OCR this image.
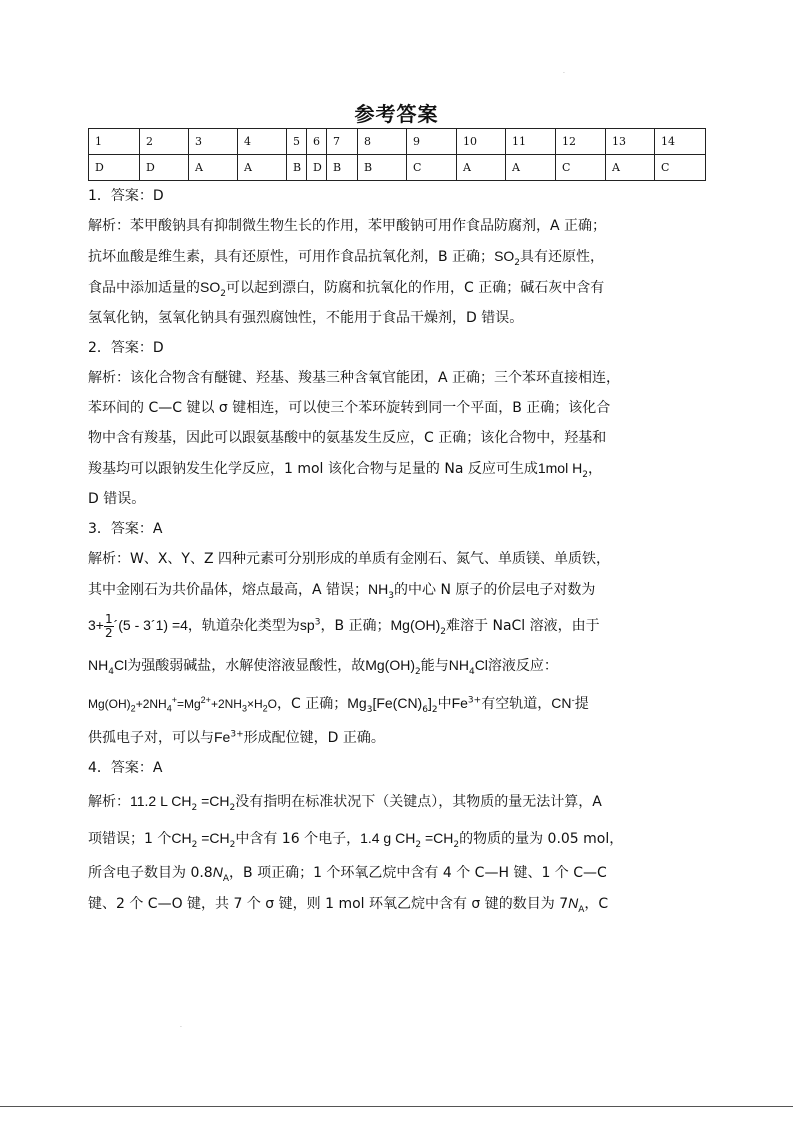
.
参考答案
1	2	3	4	5	6	7	8	9	10	11	12	13	14
D	D	A	A	B	D	B	B	C	A	A	C	A	C

1．答案：D

解析：苯甲酸钠具有抑制微生物生长的作用，苯甲酸钠可用作食品防腐剂，A 正确；

抗坏血酸是维生素，具有还原性，可用作食品抗氧化剂，B 正确；$SO_2$具有还原性，

食品中添加适量的$SO_2$可以起到漂白，防腐和抗氧化的作用，C 正确；碱石灰中含有

氢氧化钠，氢氧化钠具有强烈腐蚀性，不能用于食品干燥剂，D 错误。

2．答案：D

解析：该化合物含有醚键、羟基、羧基三种含氧官能团，A 正确；三个苯环直接相连，

苯环间的 C—C 键以 σ 键相连，可以使三个苯环旋转到同一个平面，B 正确；该化合

物中含有羧基，因此可以跟氨基酸中的氨基发生反应，C 正确；该化合物中，羟基和

羧基均可以跟钠发生化学反应，1 mol 该化合物与足量的 Na 反应可生成1mol $H_2$，

D 错误。

3．答案：A

解析：W、X、Y、Z 四种元素可分别形成的单质有金刚石、氮气、单质镁、单质铁，

其中金刚石为共价晶体，熔点最高，A 错误；$NH_3$的中心 N 原子的价层电子对数为

$3+ \frac{1}{2}$ ´(5 - 3´1) =4，轨道杂化类型为$sp^3$，B 正确；$Mg(OH)_2$难溶于 NaCl 溶液，由于

$NH_4Cl$为强酸弱碱盐，水解使溶液显酸性，故$Mg(OH)_2$能与$NH_4Cl$溶液反应：

$Mg(OH)_2+2NH_4^+=Mg^{2+}+2NH_3\times H_2O$，C 正确；$Mg_3[Fe(CN)_6]_2$中$Fe^{3+}$有空轨道，CN-提

供孤电子对，可以与$Fe^{3+}$形成配位键，D 正确。

4．答案：A

解析：11.2 L $CH_2 =CH_2$没有指明在标准状况下（关键点），其物质的量无法计算，A

项错误；1 个$CH_2 =CH_2$中含有 16 个电子，1.4 g $CH_2 =CH_2$的物质的量为 0.05 mol，

所含电子数目为 $0.8N_A$，B 项正确；1 个环氧乙烷中含有 4 个 C—H 键、1 个 C—C

键、2 个 C—O 键，共 7 个 σ 键，则 1 mol 环氧乙烷中含有 σ 键的数目为 $7N_A$，C

.
